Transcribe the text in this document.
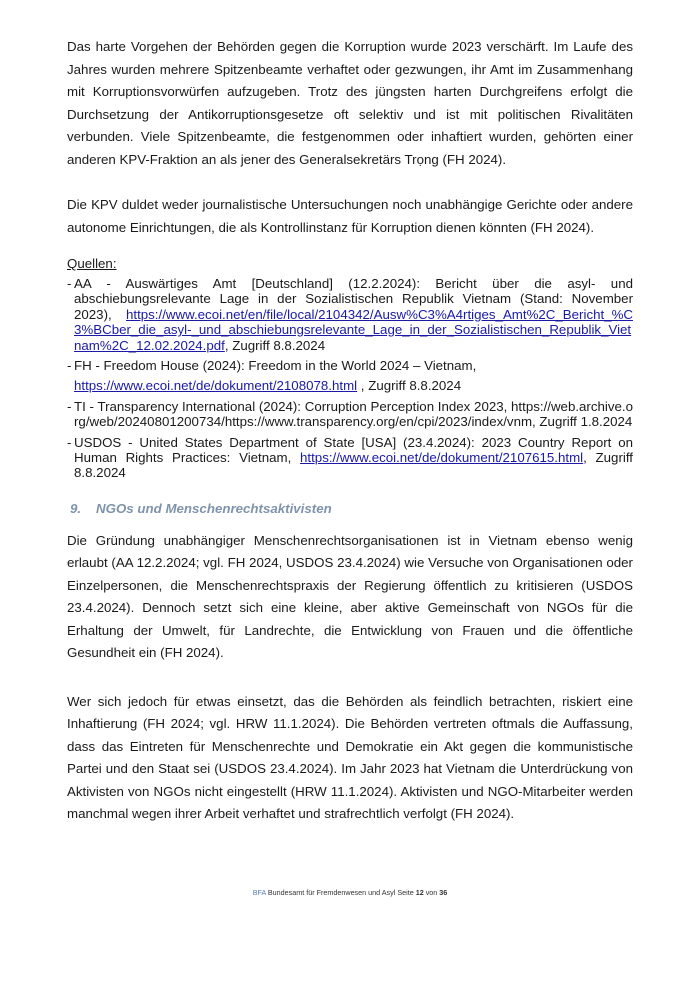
Das harte Vorgehen der Behörden gegen die Korruption wurde 2023 verschärft. Im Laufe des Jahres wurden mehrere Spitzenbeamte verhaftet oder gezwungen, ihr Amt im Zusammenhang mit Korruptionsvorwürfen aufzugeben. Trotz des jüngsten harten Durchgreifens erfolgt die Durchsetzung der Antikorruptionsgesetze oft selektiv und ist mit politischen Rivalitäten verbunden. Viele Spitzenbeamte, die festgenommen oder inhaftiert wurden, gehörten einer anderen KPV-Fraktion an als jener des Generalsekretärs Trọng (FH 2024).

Die KPV duldet weder journalistische Untersuchungen noch unabhängige Gerichte oder andere autonome Einrichtungen, die als Kontrollinstanz für Korruption dienen könnten (FH 2024).

Quellen:
- AA - Auswärtiges Amt [Deutschland] (12.2.2024): Bericht über die asyl- und abschiebungsrelevante Lage in der Sozialistischen Republik Vietnam (Stand: November 2023), https://www.ecoi.net/en/file/local/2104342/Ausw%C3%A4rtiges_Amt%2C_Bericht_%C3%BCber_die_asyl-_und_abschiebungsrelevante_Lage_in_der_Sozialistischen_Republik_Vietnam%2C_12.02.2024.pdf, Zugriff 8.8.2024
- FH - Freedom House (2024): Freedom in the World 2024 – Vietnam,
https://www.ecoi.net/de/dokument/2108078.html , Zugriff 8.8.2024
- TI - Transparency International (2024): Corruption Perception Index 2023, https://web.archive.org/web/20240801200734/https://www.transparency.org/en/cpi/2023/index/vnm, Zugriff 1.8.2024
- USDOS - United States Department of State [USA] (23.4.2024): 2023 Country Report on Human Rights Practices: Vietnam, https://www.ecoi.net/de/dokument/2107615.html, Zugriff 8.8.2024
9. NGOs und Menschenrechtsaktivisten

Die Gründung unabhängiger Menschenrechtsorganisationen ist in Vietnam ebenso wenig erlaubt (AA 12.2.2024; vgl. FH 2024, USDOS 23.4.2024) wie Versuche von Organisationen oder Einzelpersonen, die Menschenrechtspraxis der Regierung öffentlich zu kritisieren (USDOS 23.4.2024). Dennoch setzt sich eine kleine, aber aktive Gemeinschaft von NGOs für die Erhaltung der Umwelt, für Landrechte, die Entwicklung von Frauen und die öffentliche Gesundheit ein (FH 2024).

Wer sich jedoch für etwas einsetzt, das die Behörden als feindlich betrachten, riskiert eine Inhaftierung (FH 2024; vgl. HRW 11.1.2024). Die Behörden vertreten oftmals die Auffassung, dass das Eintreten für Menschenrechte und Demokratie ein Akt gegen die kommunistische Partei und den Staat sei (USDOS 23.4.2024). Im Jahr 2023 hat Vietnam die Unterdrückung von Aktivisten von NGOs nicht eingestellt (HRW 11.1.2024). Aktivisten und NGO-Mitarbeiter werden manchmal wegen ihrer Arbeit verhaftet und strafrechtlich verfolgt (FH 2024).

BFA Bundesamt für Fremdenwesen und Asyl Seite 12 von 36
